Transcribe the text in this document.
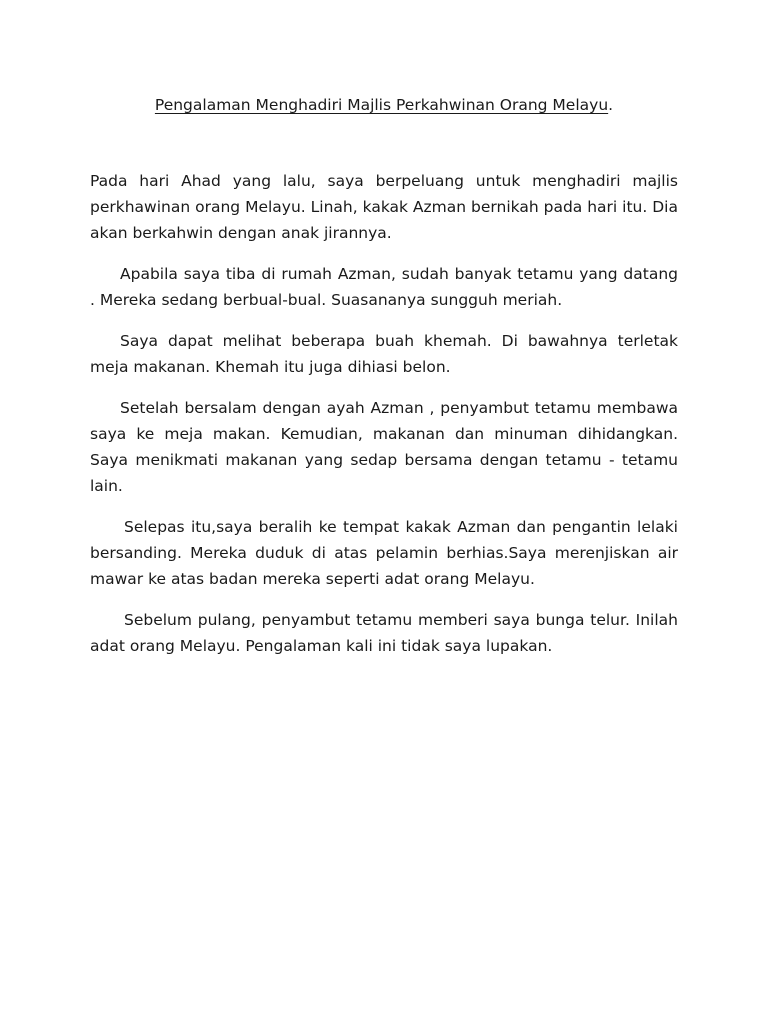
Pengalaman Menghadiri Majlis Perkahwinan Orang Melayu.

Pada hari Ahad yang lalu, saya berpeluang untuk menghadiri majlis perkhawinan orang Melayu. Linah, kakak Azman bernikah pada hari itu. Dia akan berkahwin dengan anak jirannya.

Apabila saya tiba di rumah Azman, sudah banyak tetamu yang datang . Mereka sedang berbual-bual. Suasananya sungguh meriah.

Saya dapat melihat beberapa buah khemah. Di bawahnya terletak meja makanan. Khemah itu juga dihiasi belon.

Setelah bersalam dengan ayah Azman , penyambut tetamu membawa saya ke meja makan. Kemudian, makanan dan minuman dihidangkan. Saya menikmati makanan yang sedap bersama dengan tetamu - tetamu lain.

Selepas itu,saya beralih ke tempat kakak Azman dan pengantin lelaki bersanding. Mereka duduk di atas pelamin berhias.Saya merenjiskan air mawar ke atas badan mereka seperti adat orang Melayu.

Sebelum pulang, penyambut tetamu memberi saya bunga telur. Inilah adat orang Melayu. Pengalaman kali ini tidak saya lupakan.
